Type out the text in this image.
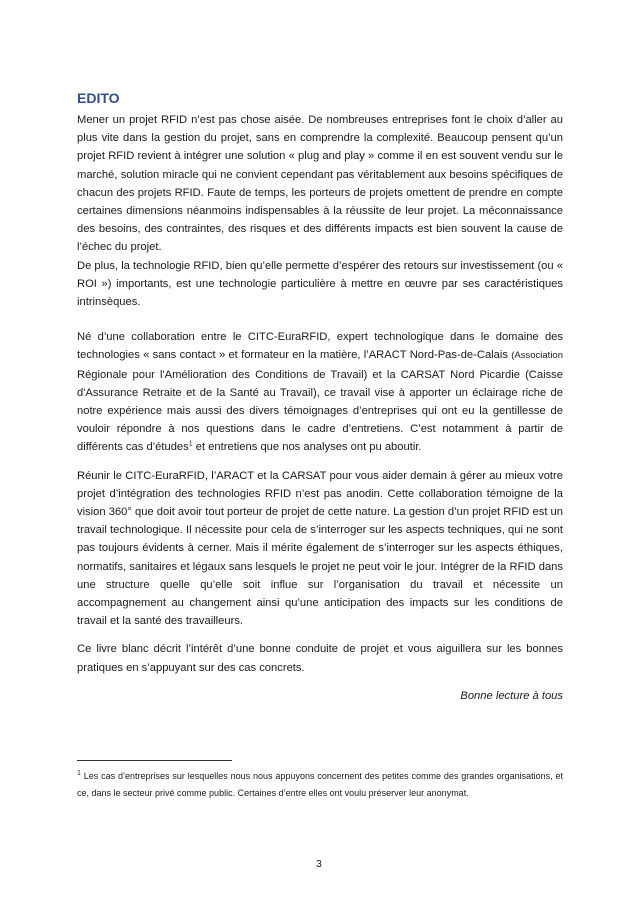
EDITO

Mener un projet RFID n’est pas chose aisée. De nombreuses entreprises font le choix d’aller au plus vite dans la gestion du projet, sans en comprendre la complexité. Beaucoup pensent qu’un projet RFID revient à intégrer une solution « plug and play » comme il en est souvent vendu sur le marché, solution miracle qui ne convient cependant pas véritablement aux besoins spécifiques de chacun des projets RFID. Faute de temps, les porteurs de projets omettent de prendre en compte certaines dimensions néanmoins indispensables à la réussite de leur projet. La méconnaissance des besoins, des contraintes, des risques et des différents impacts est bien souvent la cause de l’échec du projet.

De plus, la technologie RFID, bien qu’elle permette d’espérer des retours sur investissement (ou « ROI ») importants, est une technologie particulière à mettre en œuvre par ses caractéristiques intrinsèques.

Né d’une collaboration entre le CITC-EuraRFID, expert technologique dans le domaine des technologies « sans contact » et formateur en la matière, l’ARACT Nord-Pas-de-Calais (Association Régionale pour l'Amélioration des Conditions de Travail) et la CARSAT Nord Picardie (Caisse d'Assurance Retraite et de la Santé au Travail), ce travail vise à apporter un éclairage riche de notre expérience mais aussi des divers témoignages d’entreprises qui ont eu la gentillesse de vouloir répondre à nos questions dans le cadre d’entretiens. C’est notamment à partir de différents cas d’études$^1$ et entretiens que nos analyses ont pu aboutir.

Réunir le CITC-EuraRFID, l’ARACT et la CARSAT pour vous aider demain à gérer au mieux votre projet d’intégration des technologies RFID n’est pas anodin. Cette collaboration témoigne de la vision 360° que doit avoir tout porteur de projet de cette nature. La gestion d’un projet RFID est un travail technologique. Il nécessite pour cela de s’interroger sur les aspects techniques, qui ne sont pas toujours évidents à cerner. Mais il mérite également de s’interroger sur les aspects éthiques, normatifs, sanitaires et légaux sans lesquels le projet ne peut voir le jour. Intégrer de la RFID dans une structure quelle qu’elle soit influe sur l’organisation du travail et nécessite un accompagnement au changement ainsi qu’une anticipation des impacts sur les conditions de travail et la santé des travailleurs.

Ce livre blanc décrit l’intérêt d’une bonne conduite de projet et vous aiguillera sur les bonnes pratiques en s’appuyant sur des cas concrets.

Bonne lecture à tous
$^1$ Les cas d’entreprises sur lesquelles nous nous appuyons concernent des petites comme des grandes organisations, et ce, dans le secteur privé comme public. Certaines d’entre elles ont voulu préserver leur anonymat.
3
